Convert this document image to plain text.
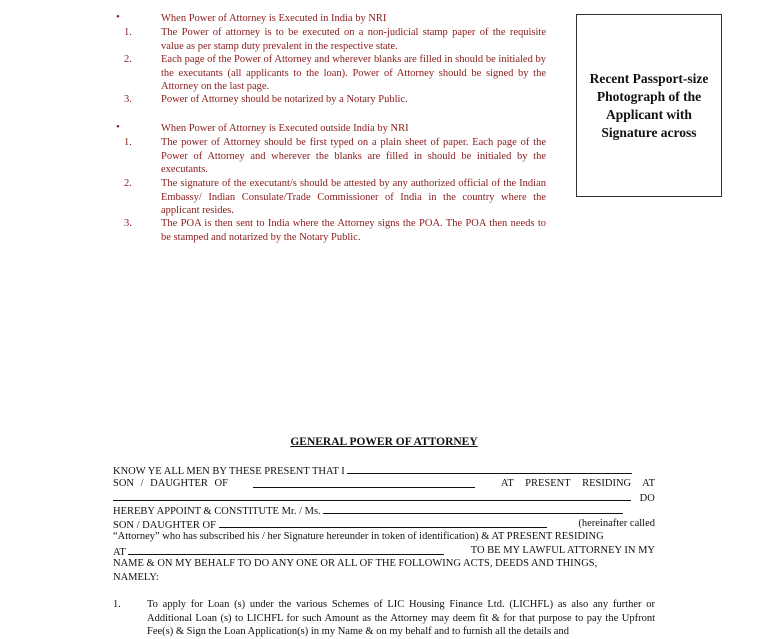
•	When Power of Attorney is Executed in India by NRI
1.	The Power of attorney is to be executed on a non-judicial stamp paper of the requisite value as per stamp duty prevalent in the respective state.
2.	Each page of the Power of Attorney and wherever blanks are filled in should be initialed by the executants (all applicants to the loan). Power of Attorney should be signed by the Attorney on the last page.
3.	Power of Attorney should be notarized by a Notary Public.
•	When Power of Attorney is Executed outside India by NRI
1.	The power of Attorney should be first typed on a plain sheet of paper. Each page of the Power of Attorney and wherever the blanks are filled in should be initialed by the executants.
2.	The signature of the executant/s should be attested by any authorized official of the Indian Embassy/ Indian Consulate/Trade Commissioner of India in the country where the applicant resides.
3.	The POA is then sent to India where the Attorney signs the POA. The POA then needs to be stamped and notarized by the Notary Public.
Recent Passport-size Photograph of the Applicant with Signature across
GENERAL POWER OF ATTORNEY
KNOW YE ALL MEN BY THESE PRESENT THAT I
SON / DAUGHTER OF	AT PRESENT RESIDING AT
DO
HEREBY APPOINT & CONSTITUTE Mr. / Ms.
SON / DAUGHTER OF	(hereinafter called
“Attorney” who has subscribed his / her Signature hereunder in token of identification) & AT PRESENT RESIDING
AT	TO BE MY LAWFUL ATTORNEY IN MY
NAME & ON MY BEHALF TO DO ANY ONE OR ALL OF THE FOLLOWING ACTS, DEEDS AND THINGS,
NAMELY:
1. To apply for Loan (s) under the various Schemes of LIC Housing Finance Ltd. (LICHFL) as also any further or Additional Loan (s) to LICHFL for such Amount as the Attorney may deem fit & for that purpose to pay the Upfront Fee(s) & Sign the Loan Application(s) in my Name & on my behalf and to furnish all the details and
